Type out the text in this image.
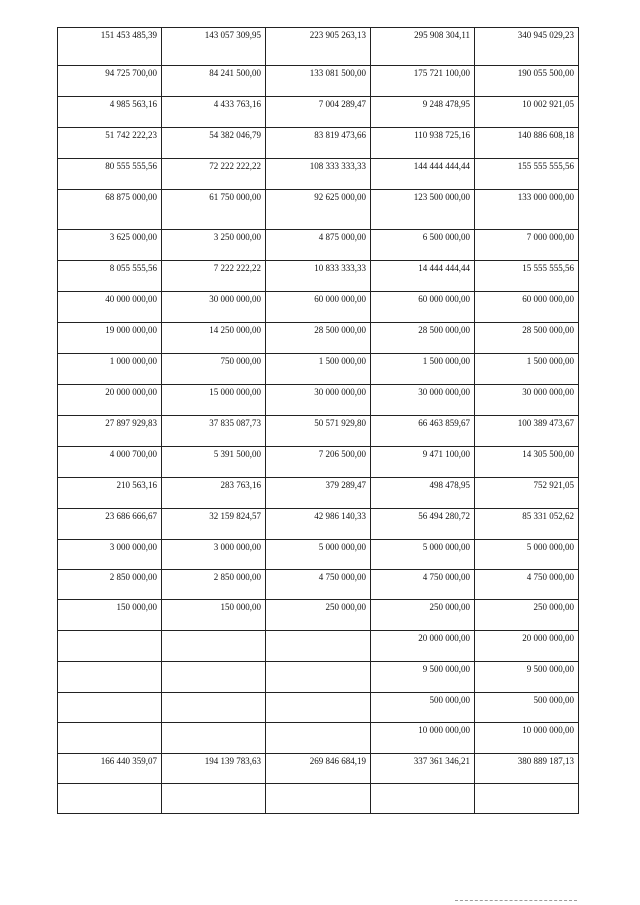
151 453 485,39	143 057 309,95	223 905 263,13	295 908 304,11	340 945 029,23
94 725 700,00	84 241 500,00	133 081 500,00	175 721 100,00	190 055 500,00
4 985 563,16	4 433 763,16	7 004 289,47	9 248 478,95	10 002 921,05
51 742 222,23	54 382 046,79	83 819 473,66	110 938 725,16	140 886 608,18
80 555 555,56	72 222 222,22	108 333 333,33	144 444 444,44	155 555 555,56
68 875 000,00	61 750 000,00	92 625 000,00	123 500 000,00	133 000 000,00
3 625 000,00	3 250 000,00	4 875 000,00	6 500 000,00	7 000 000,00
8 055 555,56	7 222 222,22	10 833 333,33	14 444 444,44	15 555 555,56
40 000 000,00	30 000 000,00	60 000 000,00	60 000 000,00	60 000 000,00
19 000 000,00	14 250 000,00	28 500 000,00	28 500 000,00	28 500 000,00
1 000 000,00	750 000,00	1 500 000,00	1 500 000,00	1 500 000,00
20 000 000,00	15 000 000,00	30 000 000,00	30 000 000,00	30 000 000,00
27 897 929,83	37 835 087,73	50 571 929,80	66 463 859,67	100 389 473,67
4 000 700,00	5 391 500,00	7 206 500,00	9 471 100,00	14 305 500,00
210 563,16	283 763,16	379 289,47	498 478,95	752 921,05
23 686 666,67	32 159 824,57	42 986 140,33	56 494 280,72	85 331 052,62
3 000 000,00	3 000 000,00	5 000 000,00	5 000 000,00	5 000 000,00
2 850 000,00	2 850 000,00	4 750 000,00	4 750 000,00	4 750 000,00
150 000,00	150 000,00	250 000,00	250 000,00	250 000,00
			20 000 000,00	20 000 000,00
			9 500 000,00	9 500 000,00
			500 000,00	500 000,00
			10 000 000,00	10 000 000,00
166 440 359,07	194 139 783,63	269 846 684,19	337 361 346,21	380 889 187,13
